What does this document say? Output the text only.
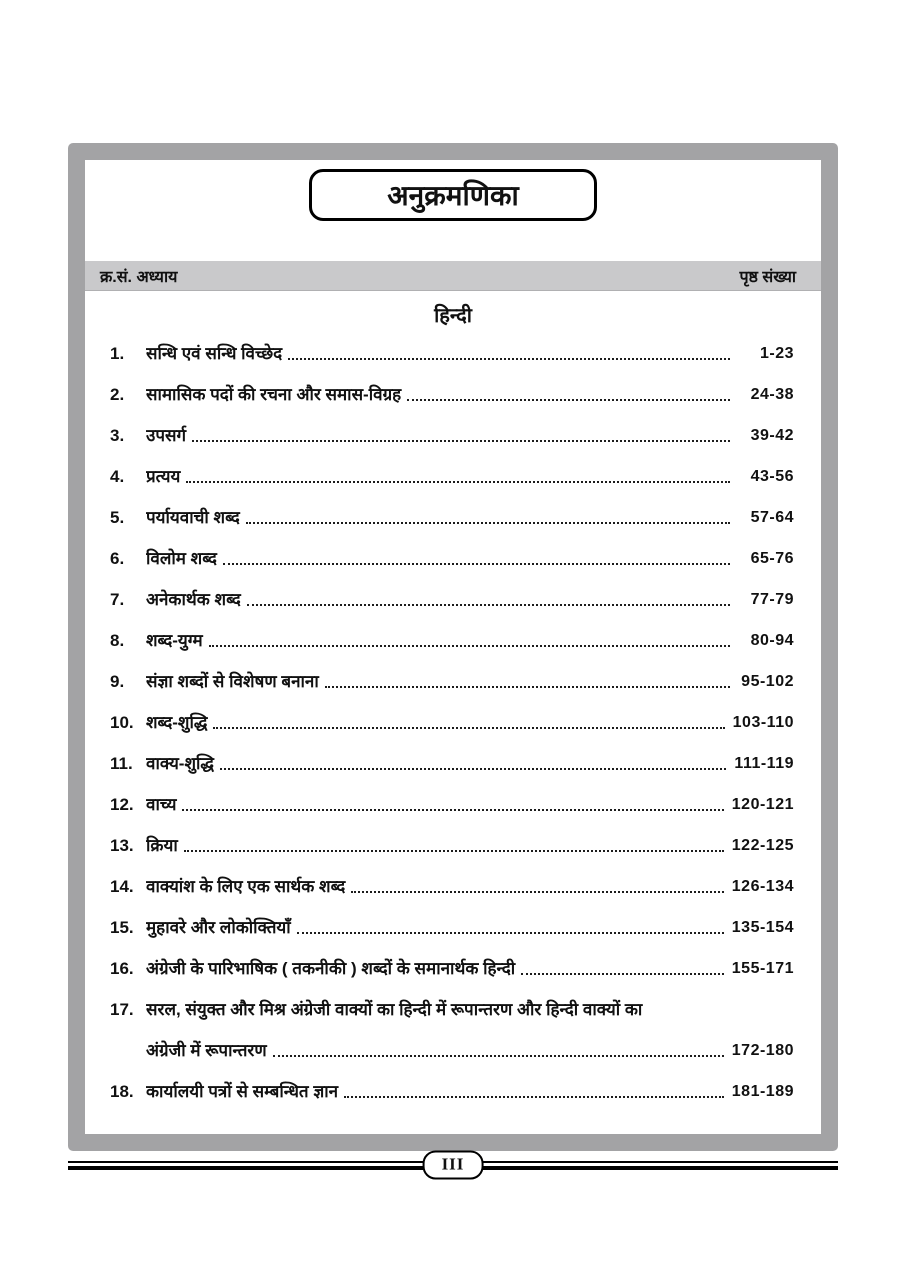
अनुक्रमणिका
क्र.सं. अध्याय	पृष्ठ संख्या
हिन्दी
1.	सन्धि एवं सन्धि विच्छेद	1-23
2.	सामासिक पदों की रचना और समास-विग्रह	24-38
3.	उपसर्ग	39-42
4.	प्रत्यय	43-56
5.	पर्यायवाची शब्द	57-64
6.	विलोम शब्द	65-76
7.	अनेकार्थक शब्द	77-79
8.	शब्द-युग्म	80-94
9.	संज्ञा शब्दों से विशेषण बनाना	95-102
10. शब्द-शुद्धि	103-110
11. वाक्य-शुद्धि	111-119
12. वाच्य	120-121
13. क्रिया	122-125
14. वाक्यांश के लिए एक सार्थक शब्द	126-134
15. मुहावरे और लोकोक्तियाँ	135-154
16. अंग्रेजी के पारिभाषिक ( तकनीकी ) शब्दों के समानार्थक हिन्दी	155-171
17. सरल, संयुक्त और मिश्र अंग्रेजी वाक्यों का हिन्दी में रूपान्तरण और हिन्दी वाक्यों का
अंग्रेजी में रूपान्तरण	172-180
18. कार्यालयी पत्रों से सम्बन्धित ज्ञान	181-189
III
